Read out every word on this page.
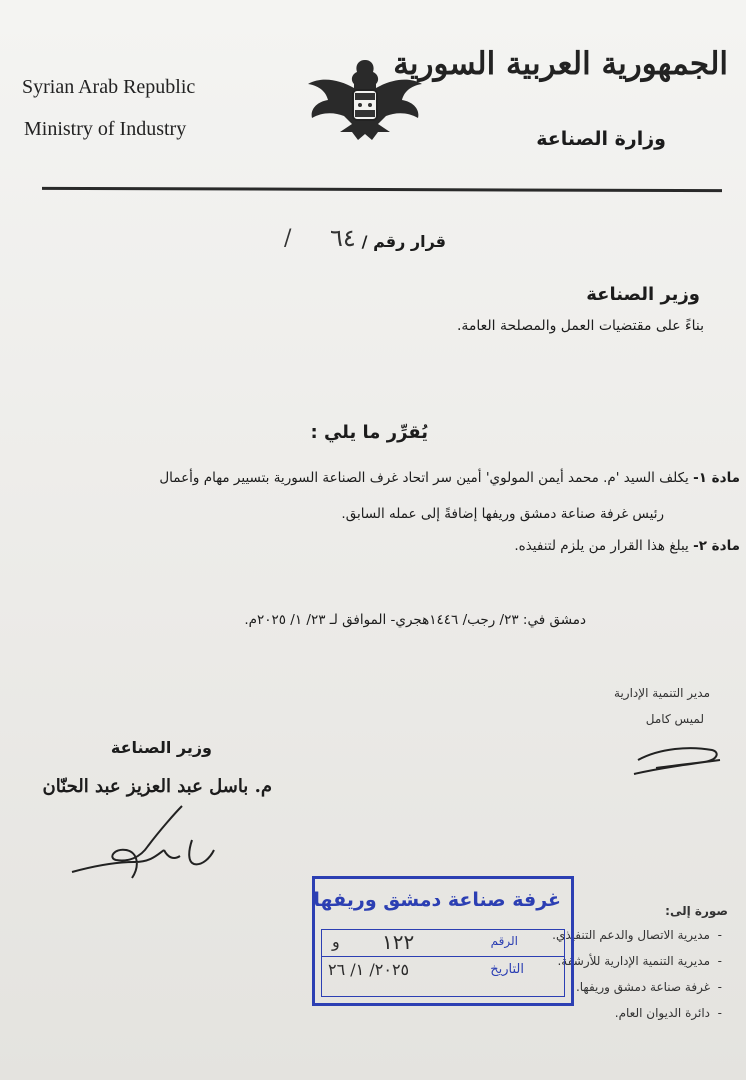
Syrian Arab Republic
Ministry of Industry
الجمهورية العربية السورية
وزارة الصناعة
قرار رقم /
٦٤
/
وزير الصناعة
بناءً على مقتضيات العمل والمصلحة العامة.
يُقرِّر ما يلي :
مادة ١- يكلف السيد 'م. محمد أيمن المولوي' أمين سر اتحاد غرف الصناعة السورية بتسيير مهام وأعمال
رئيس غرفة صناعة دمشق وريفها إضافةً إلى عمله السابق.
مادة ٢- يبلغ هذا القرار من يلزم لتنفيذه.
دمشق في: ٢٣/ رجب/ ١٤٤٦هجري- الموافق لـ ٢٣/ ١/ ٢٠٢٥م.
مدير التنمية الإدارية
لميس كامل
وزير الصناعة
م. باسل عبد العزيز عبد الحنّان
صورة إلى:
- مديرية الاتصال والدعم التنفيذي.
- مديرية التنمية الإدارية للأرشفة.
- غرفة صناعة دمشق وريفها.
- دائرة الديوان العام.
غرفة صناعة دمشق وريفها
الرقم
١٢٢
و
التاريخ
٢٠٢٥/ ١/ ٢٦
